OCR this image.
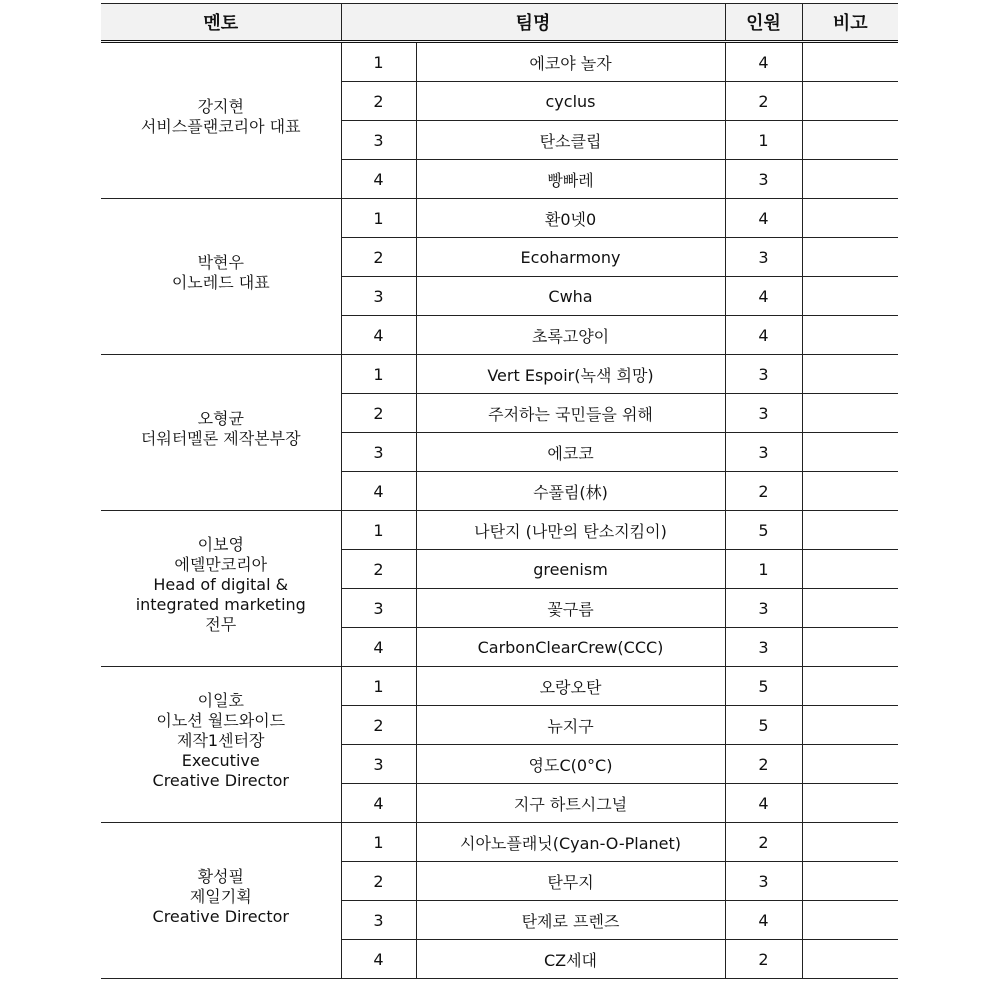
멘토	팀명		인원	비고

강지현
서비스플랜코리아 대표	1	에코야 놀자	4	
	2	cyclus	2	
	3	탄소클립	1	
	4	빵빠레	3	

박현우
이노레드 대표	1	환0넷0	4	
	2	Ecoharmony	3	
	3	Cwha	4	
	4	초록고양이	4	

오형균
더워터멜론 제작본부장	1	Vert Espoir(녹색 희망)	3	
	2	주저하는 국민들을 위해	3	
	3	에코코	3	
	4	수풀림(林)	2	

이보영
에델만코리아
Head of digital &
integrated marketing
전무	1	나탄지 (나만의 탄소지킴이)	5	
	2	greenism	1	
	3	꽃구름	3	
	4	CarbonClearCrew(CCC)	3	

이일호
이노션 월드와이드
제작1센터장
Executive
Creative Director	1	오랑오탄	5	
	2	뉴지구	5	
	3	영도C(0°C)	2	
	4	지구 하트시그널	4	

황성필
제일기획
Creative Director	1	시아노플래닛(Cyan-O-Planet)	2	
	2	탄무지	3	
	3	탄제로 프렌즈	4	
	4	CZ세대	2	
